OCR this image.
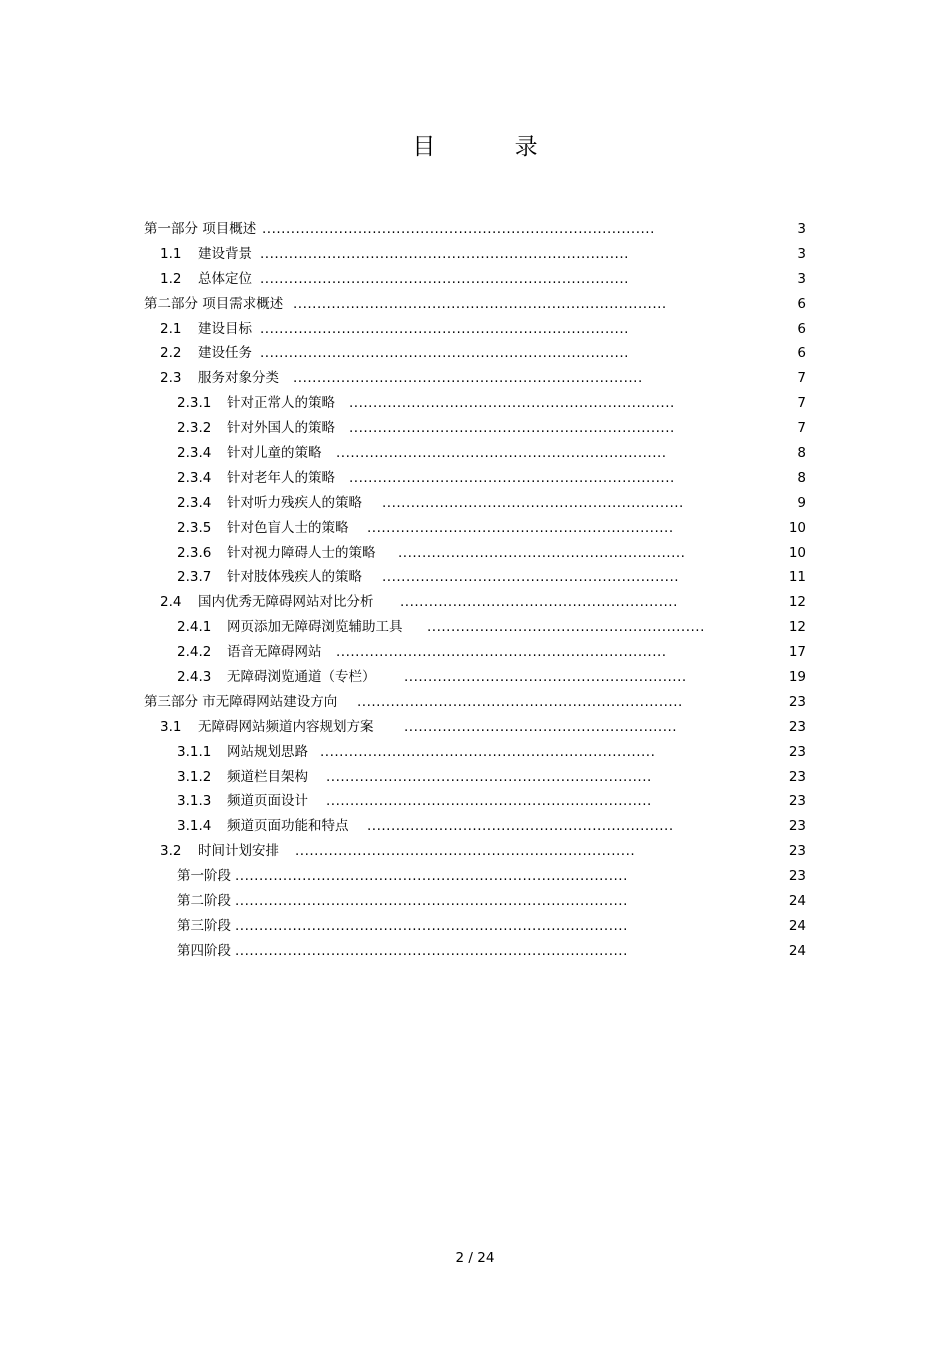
目 录
第一部分 项目概述 ..................................................................................	3
1.1 建设背景 .............................................................................	3
1.2 总体定位 .............................................................................	3
第二部分 项目需求概述 ..............................................................................	6
2.1 建设目标 .............................................................................	6
2.2 建设任务 .............................................................................	6
2.3 服务对象分类 .........................................................................	7
2.3.1 针对正常人的策略 ....................................................................	7
2.3.2 针对外国人的策略 ....................................................................	7
2.3.4 针对儿童的策略 .....................................................................	8
2.3.4 针对老年人的策略 ....................................................................	8
2.3.4 针对听力残疾人的策略 ...............................................................	9
2.3.5 针对色盲人士的策略 ................................................................	10
2.3.6 针对视力障碍人士的策略 ............................................................	10
2.3.7 针对肢体残疾人的策略 ..............................................................	11
2.4 国内优秀无障碍网站对比分析 ..........................................................	12
2.4.1 网页添加无障碍浏览辅助工具 ..........................................................	12
2.4.2 语音无障碍网站 .....................................................................	17
2.4.3 无障碍浏览通道（专栏） ...........................................................	19
第三部分 市无障碍网站建设方向 ....................................................................	23
3.1 无障碍网站频道内容规划方案 .........................................................	23
3.1.1 网站规划思路 ......................................................................	23
3.1.2 频道栏目架构 ....................................................................	23
3.1.3 频道页面设计 ....................................................................	23
3.1.4 频道页面功能和特点 ................................................................	23
3.2 时间计划安排 .......................................................................	23
第一阶段 ..................................................................................	23
第二阶段 ..................................................................................	24
第三阶段 ..................................................................................	24
第四阶段 ..................................................................................	24
2 / 24
